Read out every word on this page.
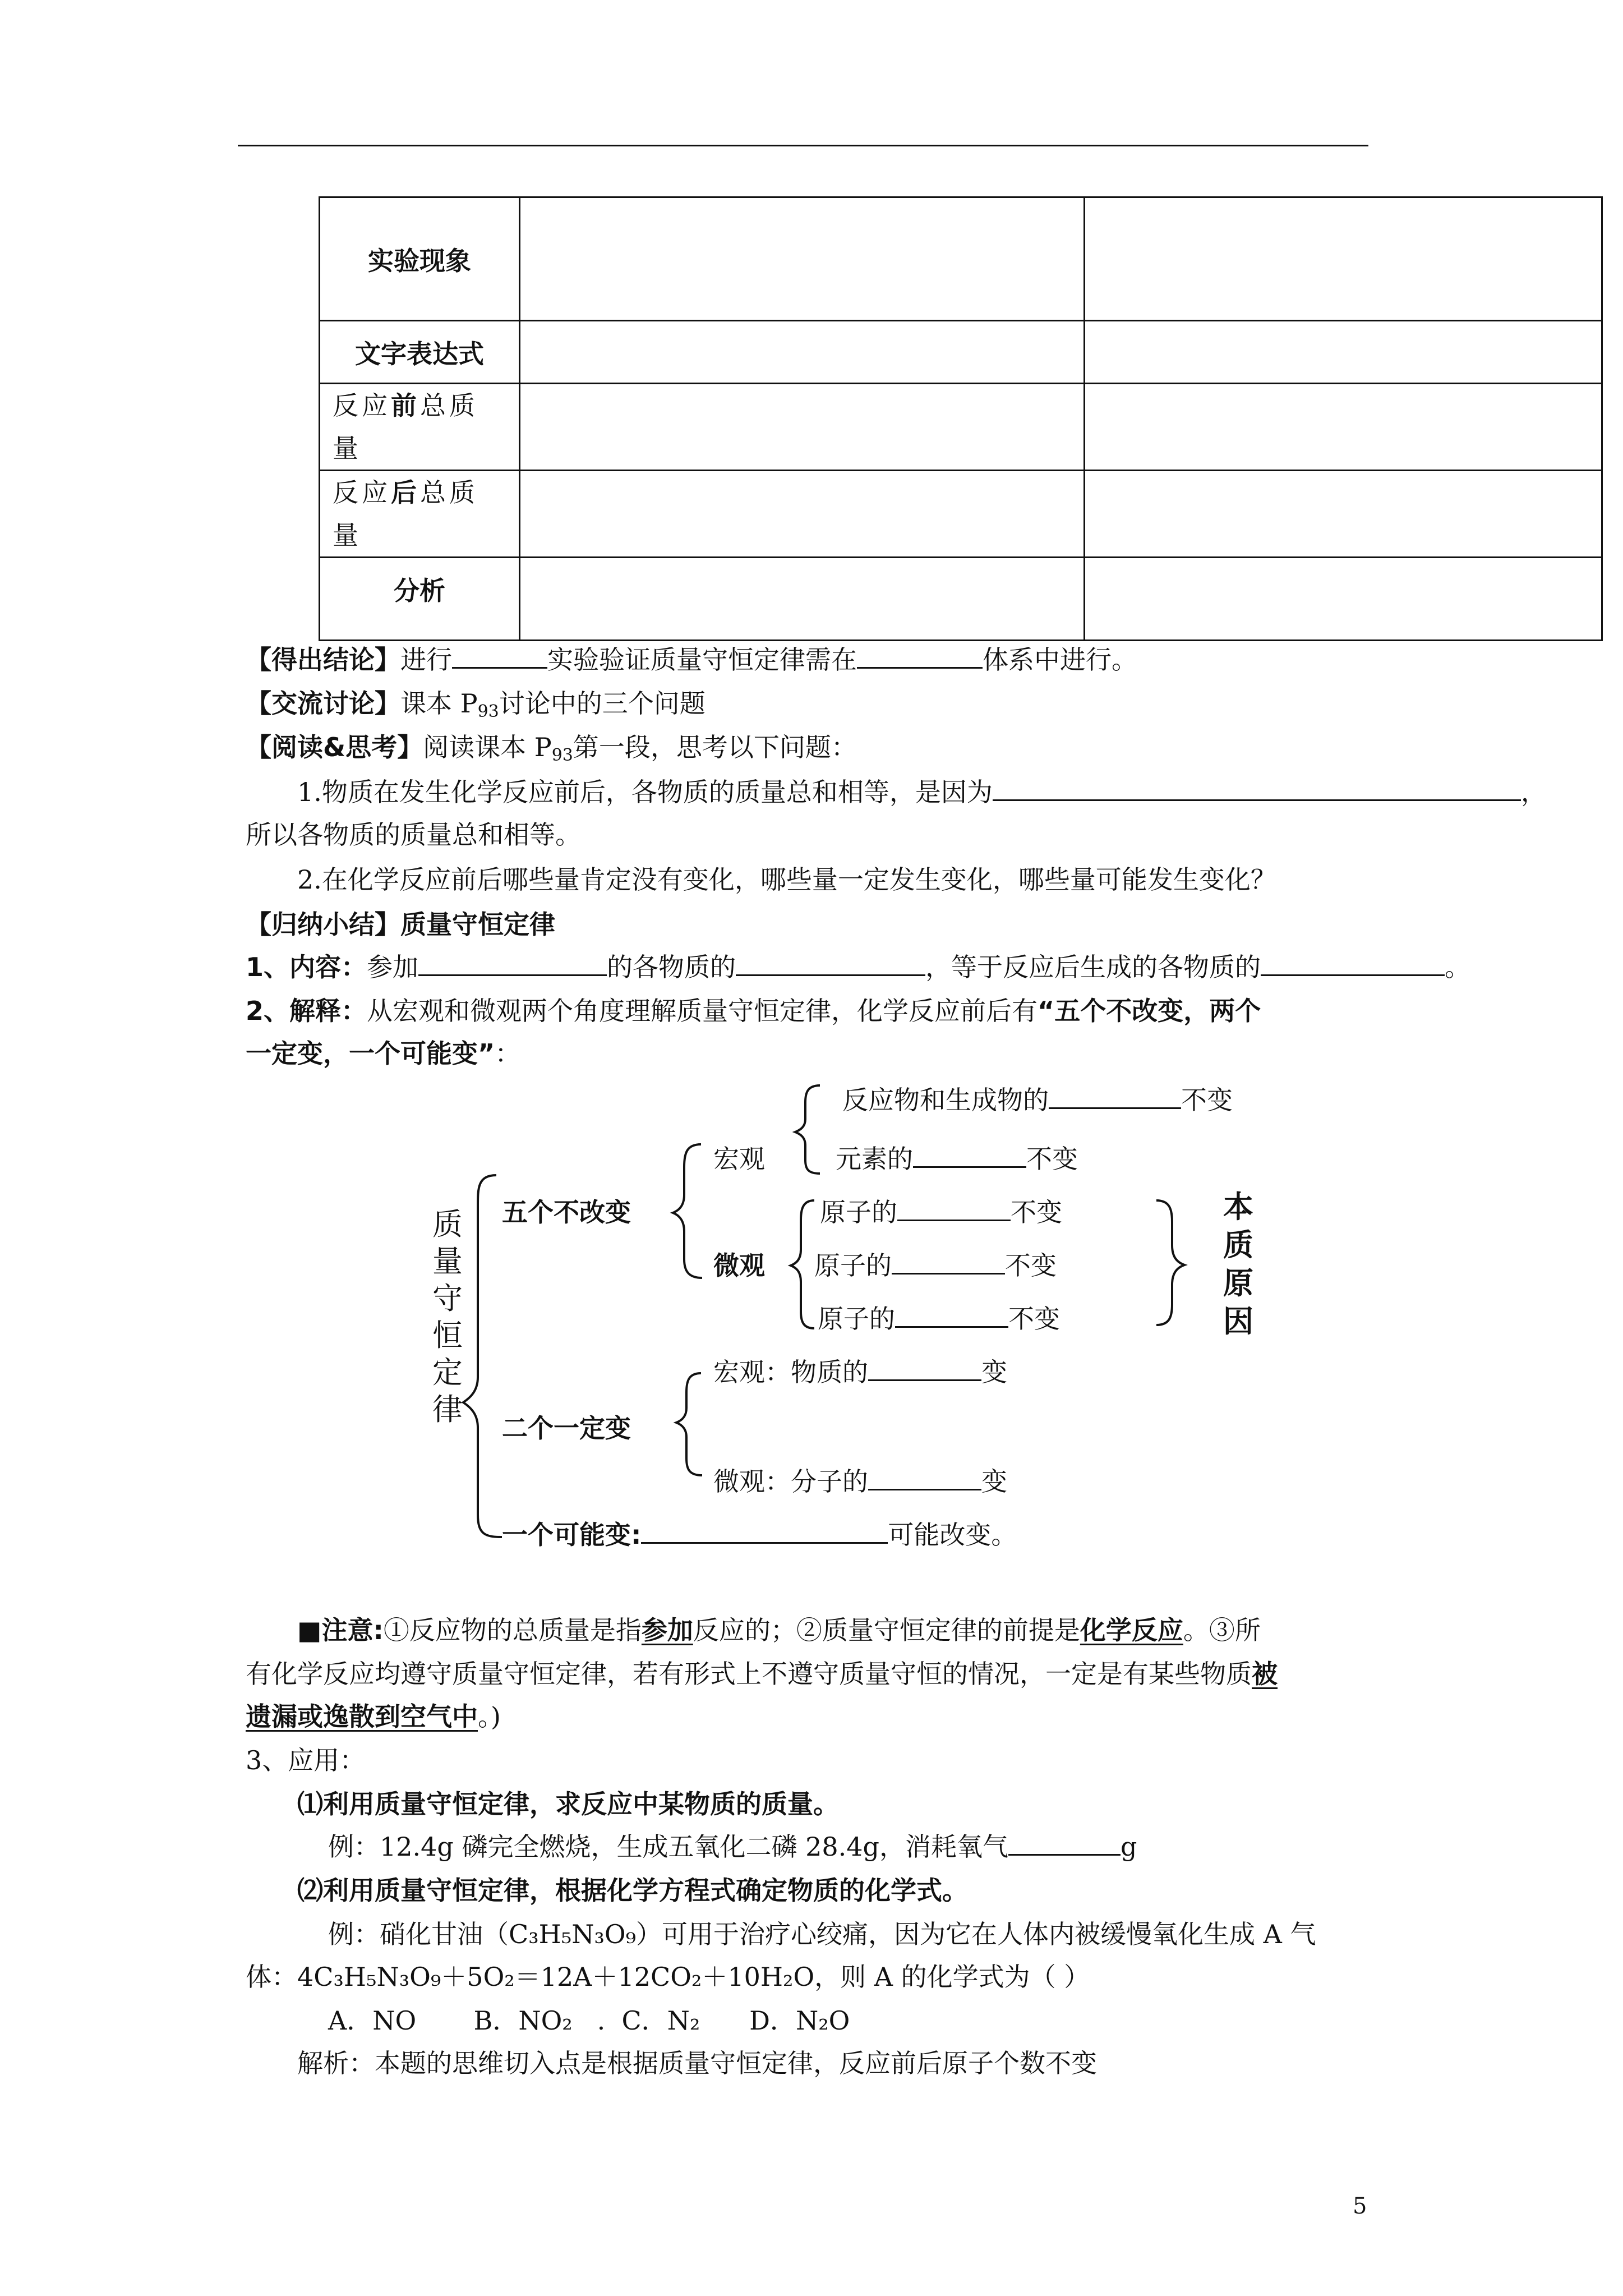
实验现象		
文字表达式		
反应前总质量		
反应后总质量		
分析		
【得出结论】进行	实验验证质量守恒定律需在	体系中进行。
【交流讨论】课本 $P_{93}$讨论中的三个问题
【阅读&思考】阅读课本 $P_{93}$第一段，思考以下问题：
1.物质在发生化学反应前后，各物质的质量总和相等，是因为	，
所以各物质的质量总和相等。
2.在化学反应前后哪些量肯定没有变化，哪些量一定发生变化，哪些量可能发生变化？
【归纳小结】质量守恒定律
1、内容：参加	的各物质的	，等于反应后生成的各物质的	。
2、解释：从宏观和微观两个角度理解质量守恒定律，化学反应前后有“五个不改变，两个
一定变，一个可能变”：
质量守恒定律
五个不改变
宏观
微观
反应物和生成物的	不变
元素的	不变
原子的	不变
原子的	不变
原子的	不变
本质原因
二个一定变
宏观：物质的	变
微观：分子的	变
一个可能变:	可能改变。
■注意:①反应物的总质量是指参加反应的；②质量守恒定律的前提是化学反应。③所
有化学反应均遵守质量守恒定律，若有形式上不遵守质量守恒的情况，一定是有某些物质被
遗漏或逸散到空气中。)
3、应用：
⑴利用质量守恒定律，求反应中某物质的质量。
例：12.4g 磷完全燃烧，生成五氧化二磷 28.4g，消耗氧气	g
⑵利用质量守恒定律，根据化学方程式确定物质的化学式。
例：硝化甘油（C₃H₅N₃O₉）可用于治疗心绞痛，因为它在人体内被缓慢氧化生成 A 气
体：4C₃H₅N₃O₉＋5O₂＝12A＋12CO₂＋10H₂O，则 A 的化学式为（ ）
A．NO       B．NO₂   .  C．N₂      D．N₂O
解析：本题的思维切入点是根据质量守恒定律，反应前后原子个数不变
5
